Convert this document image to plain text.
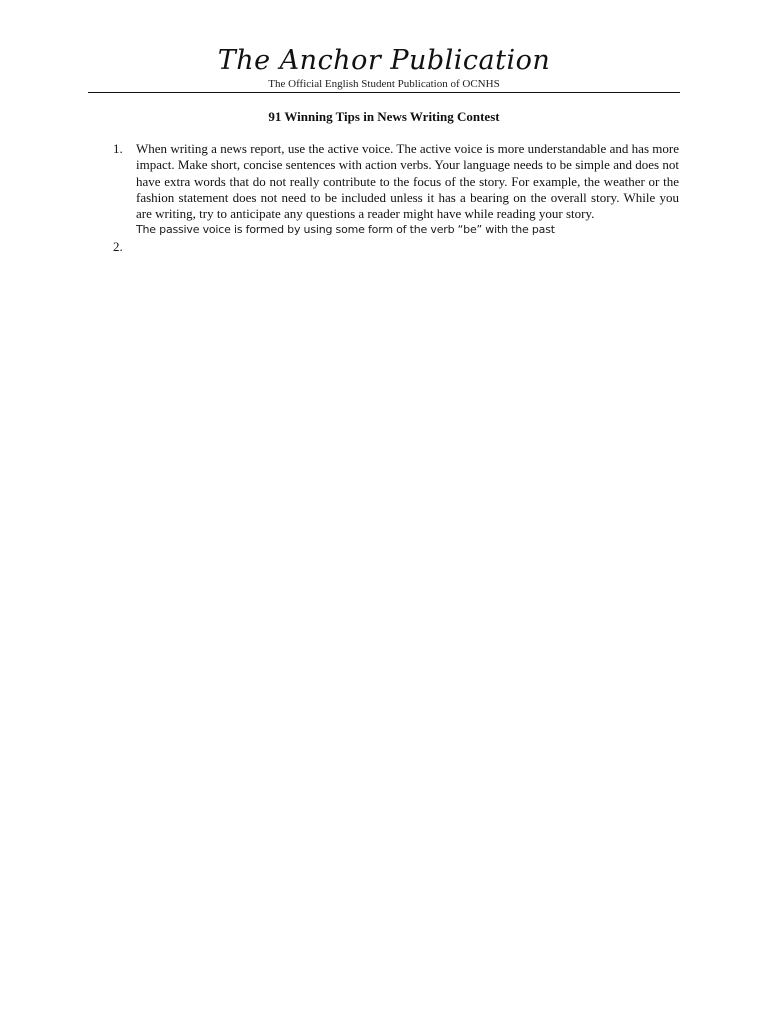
The Anchor Publication
The Official English Student Publication of OCNHS
91 Winning Tips in News Writing Contest
1. When writing a news report, use the active voice. The active voice is more understandable and has more impact. Make short, concise sentences with action verbs. Your language needs to be simple and does not have extra words that do not really contribute to the focus of the story. For example, the weather or the fashion statement does not need to be included unless it has a bearing on the overall story. While you are writing, try to anticipate any questions a reader might have while reading your story.
The passive voice is formed by using some form of the verb “be” with the past
2.
